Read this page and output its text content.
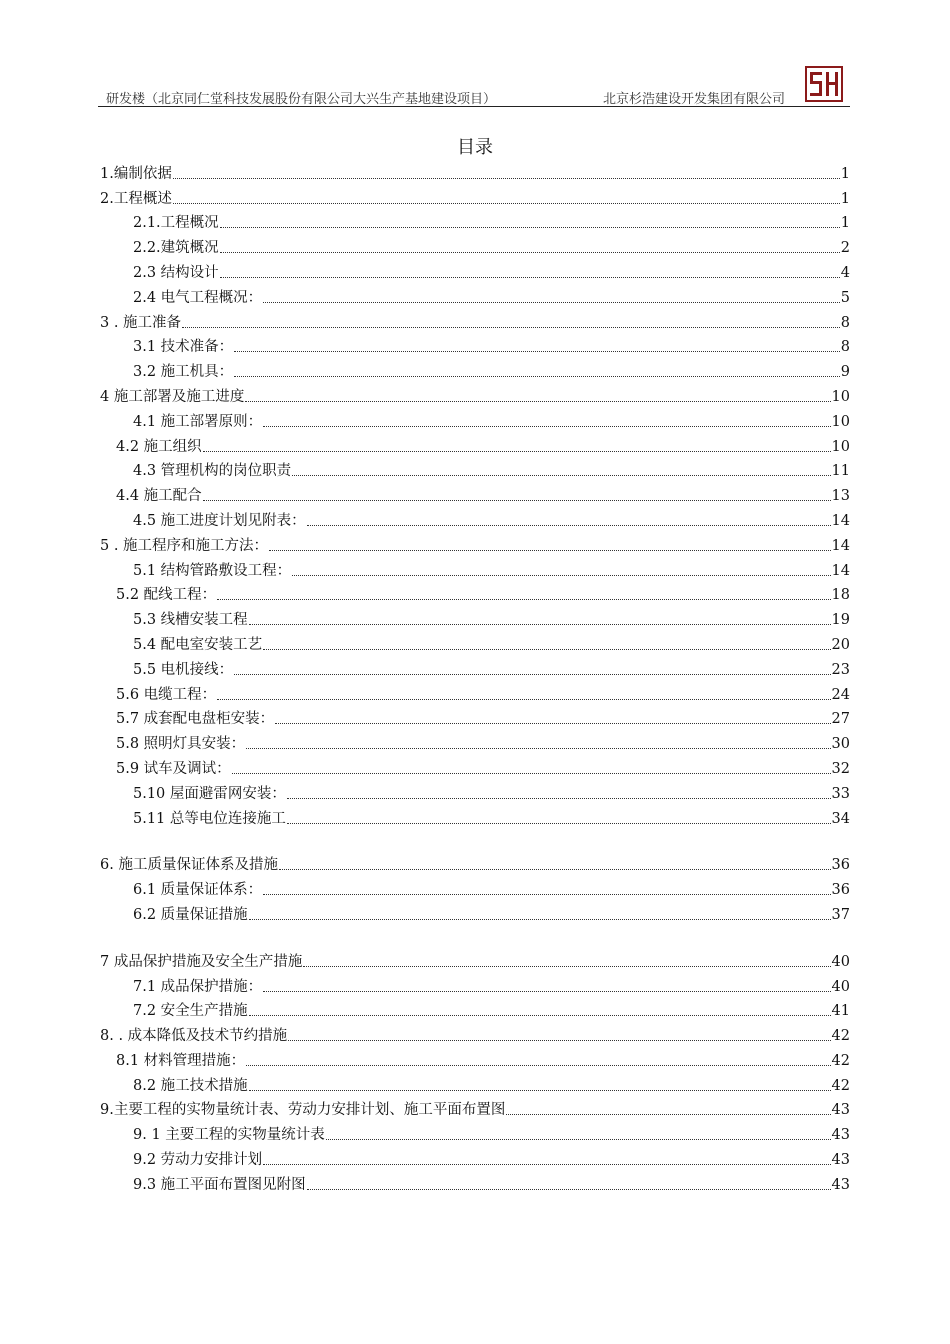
研发楼（北京同仁堂科技发展股份有限公司大兴生产基地建设项目）	北京杉浩建设开发集团有限公司
目录
1.编制依据	1
2.工程概述	1
2.1.工程概况	1
2.2.建筑概况	2
2.3 结构设计	4
2.4 电气工程概况：	5
3 . 施工准备	8
3.1 技术准备：	8
3.2 施工机具：	9
4 施工部署及施工进度	10
4.1 施工部署原则：	10
4.2 施工组织	10
4.3 管理机构的岗位职责	11
4.4 施工配合	13
4.5 施工进度计划见附表：	14
5 . 施工程序和施工方法：	14
5.1 结构管路敷设工程：	14
5.2 配线工程：	18
5.3 线槽安装工程	19
5.4 配电室安装工艺	20
5.5 电机接线：	23
5.6 电缆工程：	24
5.7 成套配电盘柜安装：	27
5.8 照明灯具安装：	30
5.9 试车及调试：	32
5.10 屋面避雷网安装：	33
5.11 总等电位连接施工	34
6. 施工质量保证体系及措施	36
6.1 质量保证体系：	36
6.2 质量保证措施	37
7 成品保护措施及安全生产措施	40
7.1 成品保护措施：	40
7.2 安全生产措施	41
8. . 成本降低及技术节约措施	42
8.1 材料管理措施：	42
8.2 施工技术措施	42
9.主要工程的实物量统计表、劳动力安排计划、施工平面布置图	43
9. 1 主要工程的实物量统计表	43
9.2 劳动力安排计划	43
9.3 施工平面布置图见附图	43
